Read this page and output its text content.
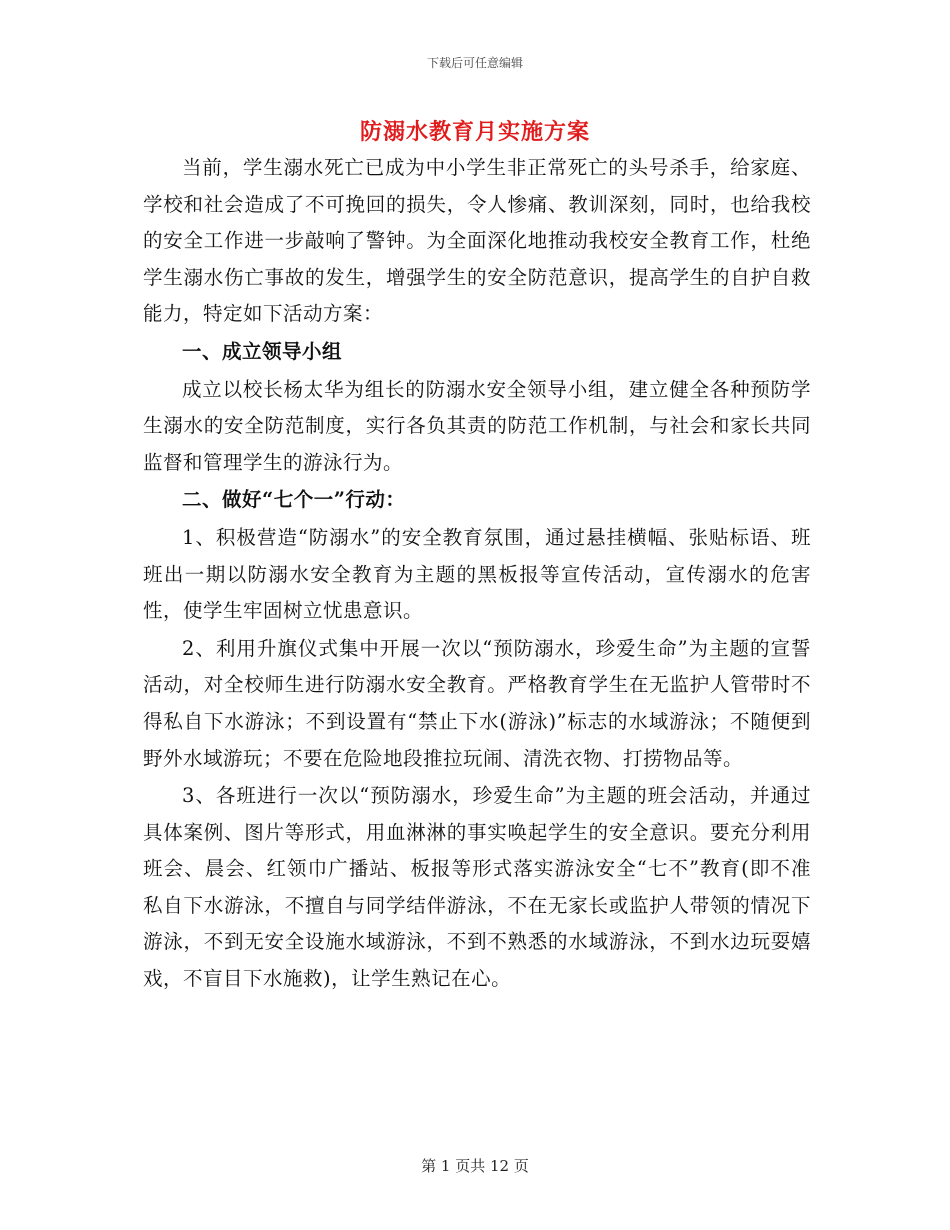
下载后可任意编辑
防溺水教育月实施方案

当前，学生溺水死亡已成为中小学生非正常死亡的头号杀手，给家庭、学校和社会造成了不可挽回的损失，令人惨痛、教训深刻，同时，也给我校的安全工作进一步敲响了警钟。为全面深化地推动我校安全教育工作，杜绝学生溺水伤亡事故的发生，增强学生的安全防范意识，提高学生的自护自救能力，特定如下活动方案：

一、成立领导小组

成立以校长杨太华为组长的防溺水安全领导小组，建立健全各种预防学生溺水的安全防范制度，实行各负其责的防范工作机制，与社会和家长共同监督和管理学生的游泳行为。

二、做好“七个一”行动：

1、积极营造“防溺水”的安全教育氛围，通过悬挂横幅、张贴标语、班班出一期以防溺水安全教育为主题的黑板报等宣传活动，宣传溺水的危害性，使学生牢固树立忧患意识。

2、利用升旗仪式集中开展一次以“预防溺水，珍爱生命”为主题的宣誓活动，对全校师生进行防溺水安全教育。严格教育学生在无监护人管带时不得私自下水游泳；不到设置有“禁止下水(游泳)”标志的水域游泳；不随便到野外水域游玩；不要在危险地段推拉玩闹、清洗衣物、打捞物品等。

3、各班进行一次以“预防溺水，珍爱生命”为主题的班会活动，并通过具体案例、图片等形式，用血淋淋的事实唤起学生的安全意识。要充分利用班会、晨会、红领巾广播站、板报等形式落实游泳安全“七不”教育(即不准私自下水游泳，不擅自与同学结伴游泳，不在无家长或监护人带领的情况下游泳，不到无安全设施水域游泳，不到不熟悉的水域游泳，不到水边玩耍嬉戏，不盲目下水施救)，让学生熟记在心。

第 1 页共 12 页
